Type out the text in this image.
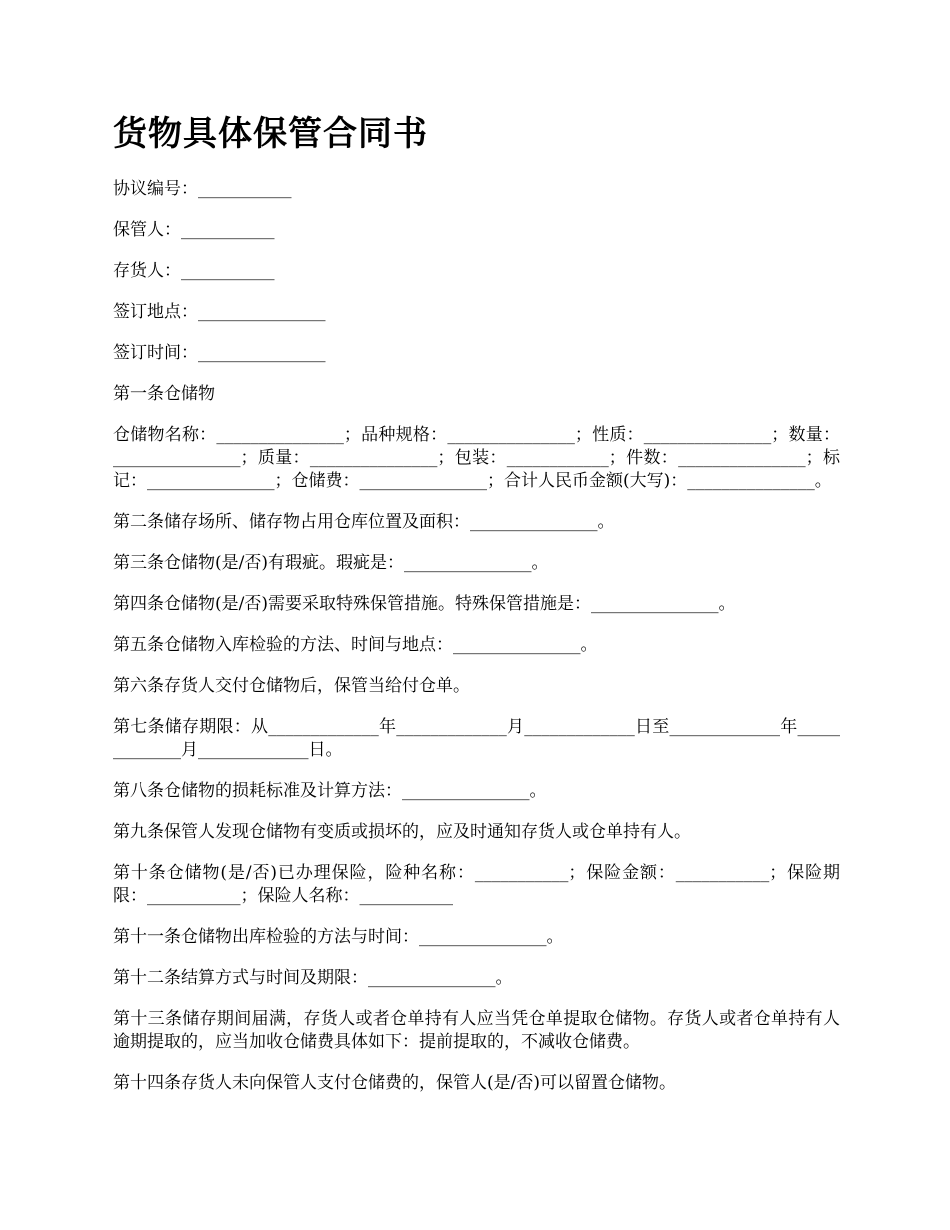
货物具体保管合同书

协议编号：___________

保管人：___________

存货人：___________

签订地点：_______________

签订时间：_______________

第一条仓储物

仓储物名称：_______________；品种规格：_______________；性质：_______________；数量：_______________；质量：_______________；包装：____________；件数：_______________；标记：_______________；仓储费：_______________；合计人民币金额(大写)：_______________。

第二条储存场所、储存物占用仓库位置及面积：_______________。

第三条仓储物(是/否)有瑕疵。瑕疵是：_______________。

第四条仓储物(是/否)需要采取特殊保管措施。特殊保管措施是：_______________。

第五条仓储物入库检验的方法、时间与地点：_______________。

第六条存货人交付仓储物后，保管当给付仓单。

第七条储存期限：从_____________年_____________月_____________日至_____________年_____________月_____________日。

第八条仓储物的损耗标准及计算方法：_______________。

第九条保管人发现仓储物有变质或损坏的，应及时通知存货人或仓单持有人。

第十条仓储物(是/否)已办理保险，险种名称：___________；保险金额：___________；保险期限：___________；保险人名称：___________

第十一条仓储物出库检验的方法与时间：_______________。

第十二条结算方式与时间及期限：_______________。

第十三条储存期间届满，存货人或者仓单持有人应当凭仓单提取仓储物。存货人或者仓单持有人逾期提取的，应当加收仓储费具体如下：提前提取的，不减收仓储费。

第十四条存货人未向保管人支付仓储费的，保管人(是/否)可以留置仓储物。
